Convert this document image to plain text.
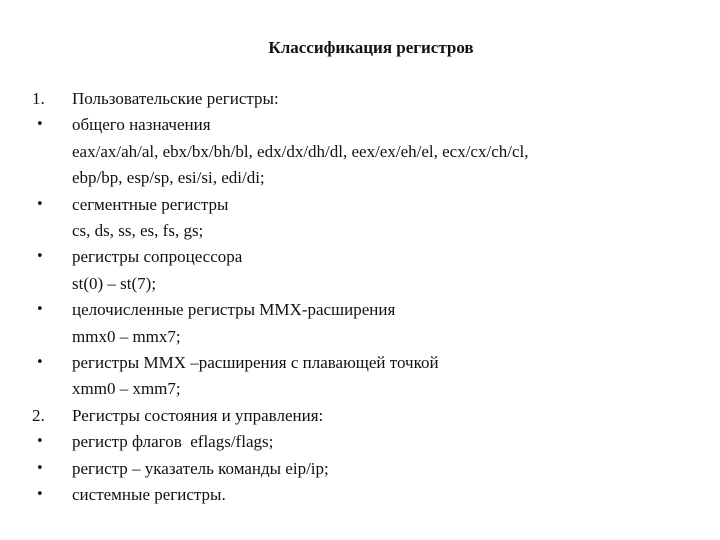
Классификация регистров
1.	Пользовательские регистры:
•	общего назначения
eax/ax/ah/al, ebx/bx/bh/bl, edx/dx/dh/dl, eex/ex/eh/el, ecx/cx/ch/cl,
ebp/bp, esp/sp, esi/si, edi/di;
•	сегментные регистры
cs, ds, ss, es, fs, gs;
•	регистры сопроцессора
st(0) – st(7);
•	целочисленные регистры MMX-расширения
mmx0 – mmx7;
•	регистры MMX –расширения с плавающей точкой
xmm0 – xmm7;
2.	Регистры состояния и управления:
•	регистр флагов  eflags/flags;
•	регистр – указатель команды eip/ip;
•	системные регистры.
